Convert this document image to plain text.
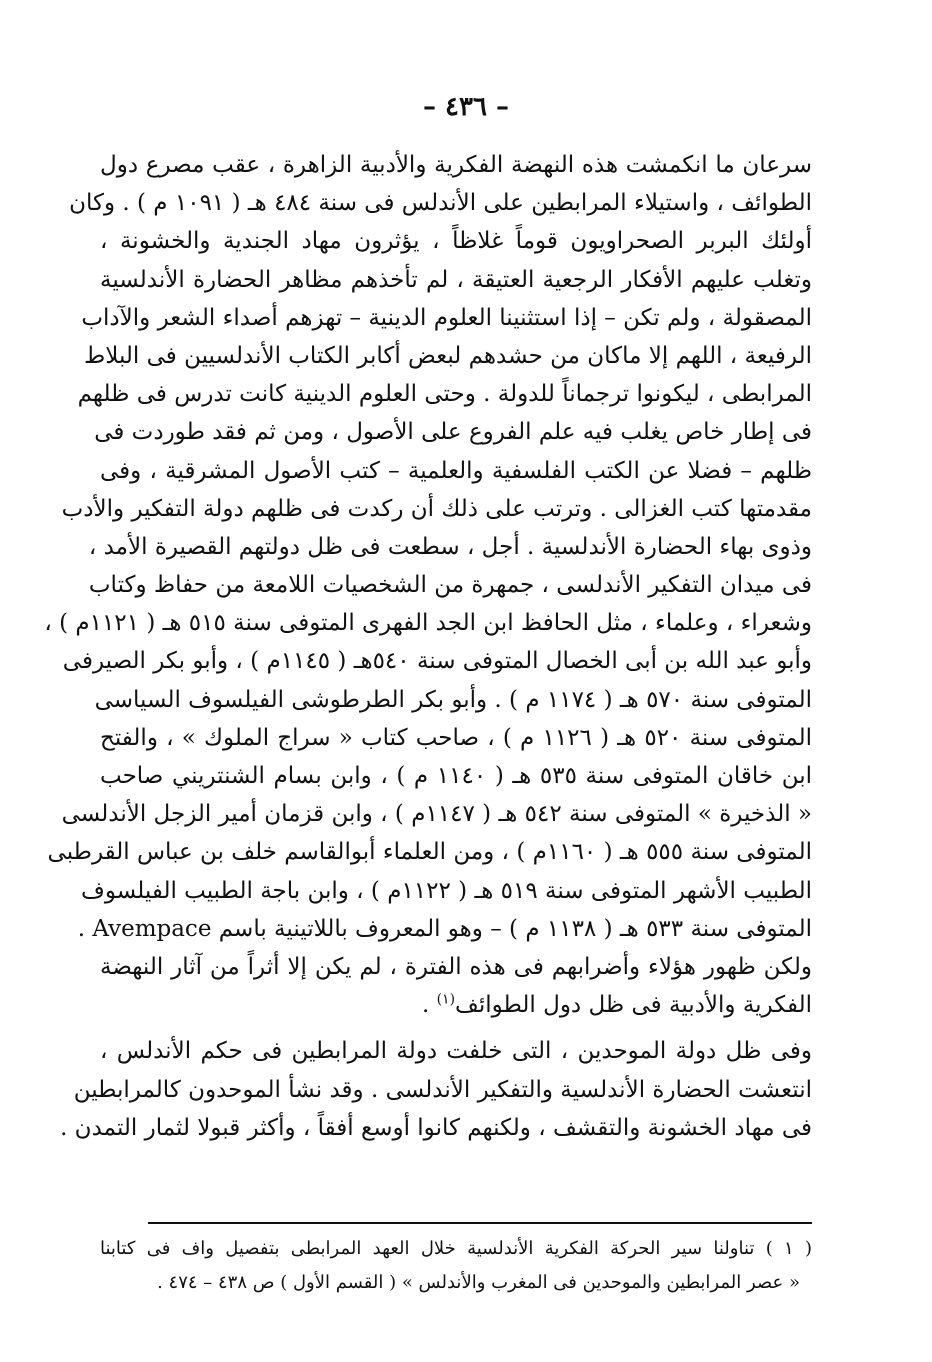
– ٤٣٦ –
سرعان ما انكمشت هذه النهضة الفكرية والأدبية الزاهرة ، عقب مصرع دول
الطوائف ، واستيلاء المرابطين على الأندلس فى سنة ٤٨٤ هـ ( ١٠٩١ م ) . وكان
أولئك البربر الصحراويون قوماً غلاظاً ، يؤثرون مهاد الجندية والخشونة ،
وتغلب عليهم الأفكار الرجعية العتيقة ، لم تأخذهم مظاهر الحضارة الأندلسية
المصقولة ، ولم تكن – إذا استثنينا العلوم الدينية – تهزهم أصداء الشعر والآداب
الرفيعة ، اللهم إلا ماكان من حشدهم لبعض أكابر الكتاب الأندلسيين فى البلاط
المرابطى ، ليكونوا ترجماناً للدولة . وحتى العلوم الدينية كانت تدرس فى ظلهم
فى إطار خاص يغلب فيه علم الفروع على الأصول ، ومن ثم فقد طوردت فى
ظلهم – فضلا عن الكتب الفلسفية والعلمية – كتب الأصول المشرقية ، وفى
مقدمتها كتب الغزالى . وترتب على ذلك أن ركدت فى ظلهم دولة التفكير والأدب
وذوى بهاء الحضارة الأندلسية . أجل ، سطعت فى ظل دولتهم القصيرة الأمد ،
فى ميدان التفكير الأندلسى ، جمهرة من الشخصيات اللامعة من حفاظ وكتاب
وشعراء ، وعلماء ، مثل الحافظ ابن الجد الفهرى المتوفى سنة ٥١٥ هـ ( ١١٢١م ) ،
وأبو عبد الله بن أبى الخصال المتوفى سنة ٥٤٠هـ ( ١١٤٥م ) ، وأبو بكر الصيرفى
المتوفى سنة ٥٧٠ هـ ( ١١٧٤ م ) . وأبو بكر الطرطوشى الفيلسوف السياسى
المتوفى سنة ٥٢٠ هـ ( ١١٢٦ م ) ، صاحب كتاب « سراج الملوك » ، والفتح
ابن خاقان المتوفى سنة ٥٣٥ هـ ( ١١٤٠ م ) ، وابن بسام الشنتريني صاحب
« الذخيرة » المتوفى سنة ٥٤٢ هـ ( ١١٤٧م ) ، وابن قزمان أمير الزجل الأندلسى
المتوفى سنة ٥٥٥ هـ ( ١١٦٠م ) ، ومن العلماء أبوالقاسم خلف بن عباس القرطبى
الطبيب الأشهر المتوفى سنة ٥١٩ هـ ( ١١٢٢م ) ، وابن باجة الطبيب الفيلسوف
المتوفى سنة ٥٣٣ هـ ( ١١٣٨ م ) – وهو المعروف باللاتينية باسم Avempace .
ولكن ظهور هؤلاء وأضرابهم فى هذه الفترة ، لم يكن إلا أثراً من آثار النهضة
الفكرية والأدبية فى ظل دول الطوائف$^{(١)}$ .
وفى ظل دولة الموحدين ، التى خلفت دولة المرابطين فى حكم الأندلس ،
انتعشت الحضارة الأندلسية والتفكير الأندلسى . وقد نشأ الموحدون كالمرابطين
فى مهاد الخشونة والتقشف ، ولكنهم كانوا أوسع أفقاً ، وأكثر قبولا لثمار التمدن .
( ١ ) تناولنا سير الحركة الفكرية الأندلسية خلال العهد المرابطى بتفصيل واف فى كتابنا
« عصر المرابطين والموحدين فى المغرب والأندلس » ( القسم الأول ) ص ٤٣٨ – ٤٧٤ .
